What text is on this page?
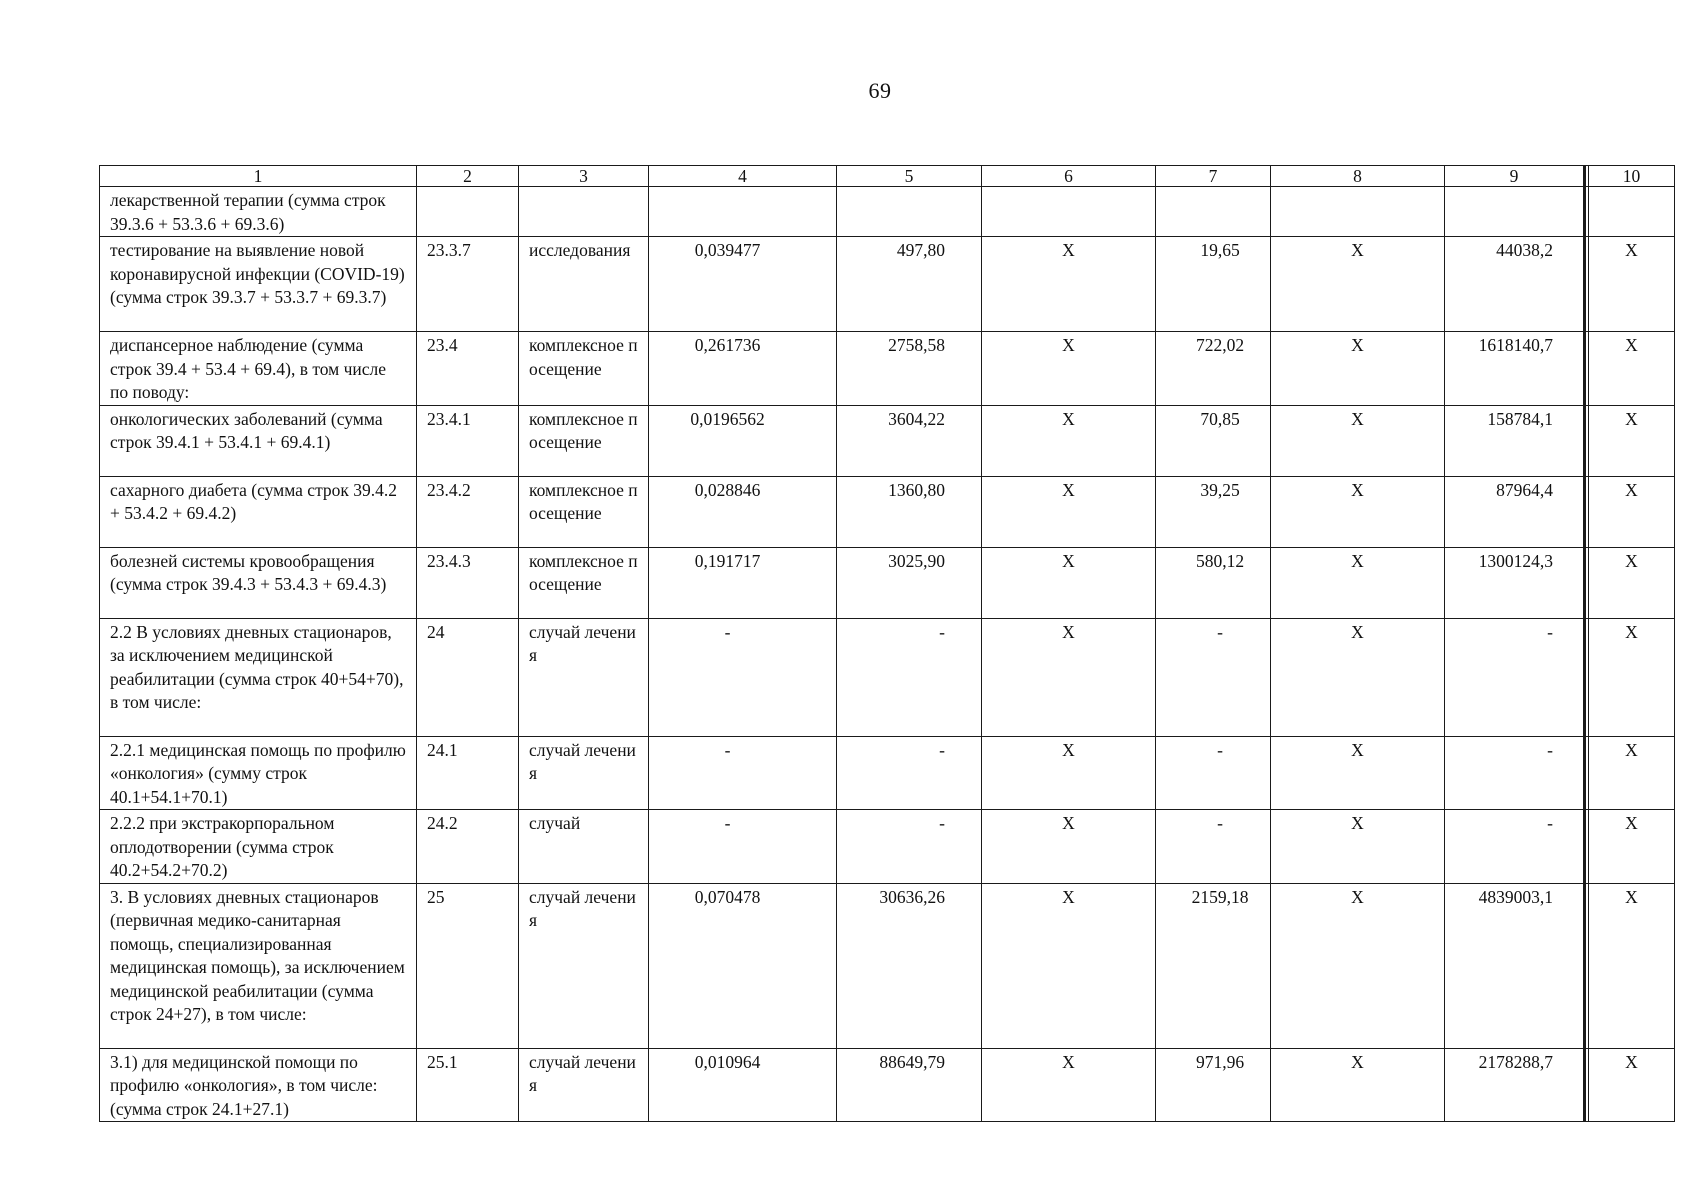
69
1	2	3	4	5	6	7	8	9		10
лекарственной терапии (сумма строк 39.3.6 + 53.3.6 + 69.3.6)										
тестирование на выявление новой коронавирусной инфекции (COVID-19) (сумма строк 39.3.7 + 53.3.7 + 69.3.7)	23.3.7	исследования	0,039477	497,80	X	19,65	X	44038,2		X
диспансерное наблюдение (сумма строк 39.4 + 53.4 + 69.4), в том числе по поводу:	23.4	комплексное посещение	0,261736	2758,58	X	722,02	X	1618140,7		X
онкологических заболеваний (сумма строк 39.4.1 + 53.4.1 + 69.4.1)	23.4.1	комплексное посещение	0,0196562	3604,22	X	70,85	X	158784,1		X
сахарного диабета (сумма строк 39.4.2 + 53.4.2 + 69.4.2)	23.4.2	комплексное посещение	0,028846	1360,80	X	39,25	X	87964,4		X
болезней системы кровообращения (сумма строк 39.4.3 + 53.4.3 + 69.4.3)	23.4.3	комплексное посещение	0,191717	3025,90	X	580,12	X	1300124,3		X
2.2 В условиях дневных стационаров, за исключением медицинской реабилитации (сумма строк 40+54+70), в том числе:	24	случай лечения	-	-	X	-	X	-		X
2.2.1 медицинская помощь по профилю «онкология» (сумму строк 40.1+54.1+70.1)	24.1	случай лечения	-	-	X	-	X	-		X
2.2.2 при экстракорпоральном оплодотворении (сумма строк 40.2+54.2+70.2)	24.2	случай	-	-	X	-	X	-		X
3. В условиях дневных стационаров (первичная медико-санитарная помощь, специализированная медицинская помощь), за исключением медицинской реабилитации (сумма строк 24+27), в том числе:	25	случай лечения	0,070478	30636,26	X	2159,18	X	4839003,1		X
3.1) для медицинской помощи по профилю «онкология», в том числе: (сумма строк 24.1+27.1)	25.1	случай лечения	0,010964	88649,79	X	971,96	X	2178288,7		X
